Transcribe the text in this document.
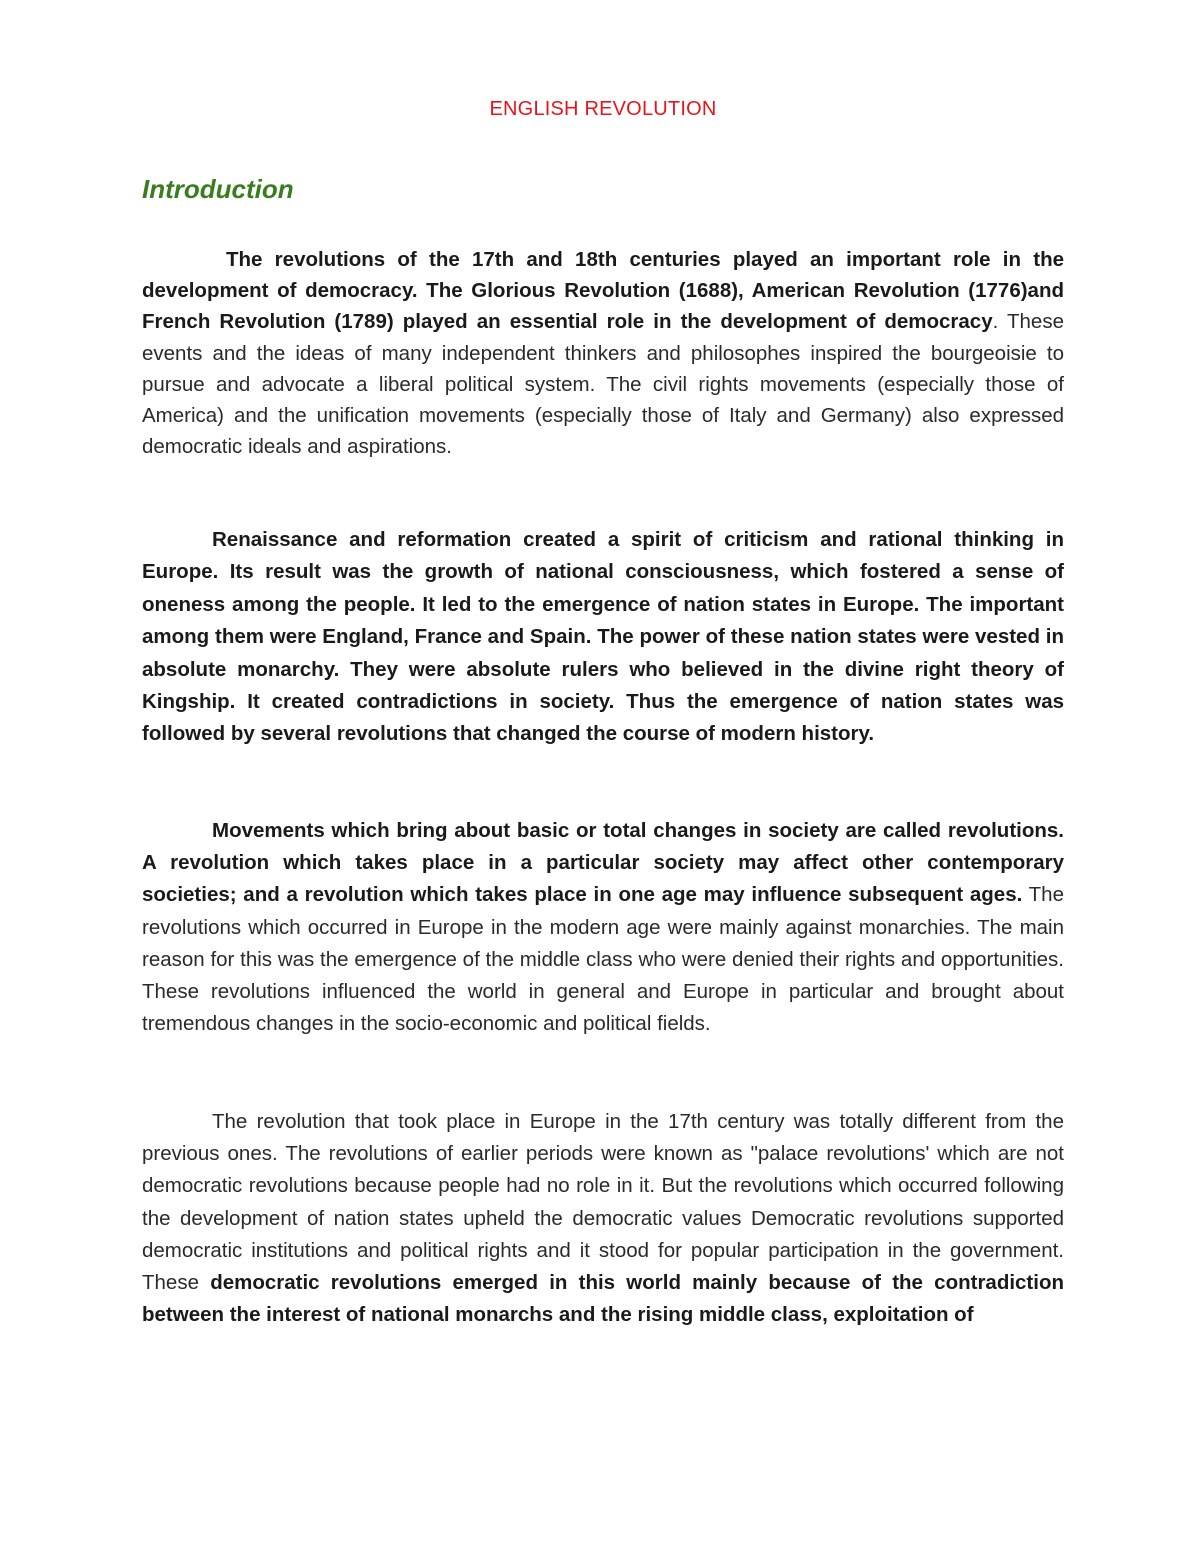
ENGLISH REVOLUTION
Introduction

The revolutions of the 17th and 18th centuries played an important role in the development of democracy. The Glorious Revolution (1688), American Revolution (1776)and French Revolution (1789) played an essential role in the development of democracy. These events and the ideas of many independent thinkers and philosophes inspired the bourgeoisie to pursue and advocate a liberal political system. The civil rights movements (especially those of America) and the unification movements (especially those of Italy and Germany) also expressed democratic ideals and aspirations.

Renaissance and reformation created a spirit of criticism and rational thinking in Europe. Its result was the growth of national consciousness, which fostered a sense of oneness among the people. It led to the emergence of nation states in Europe. The important among them were England, France and Spain. The power of these nation states were vested in absolute monarchy. They were absolute rulers who believed in the divine right theory of Kingship. It created contradictions in society. Thus the emergence of nation states was followed by several revolutions that changed the course of modern history.

Movements which bring about basic or total changes in society are called revolutions. A revolution which takes place in a particular society may affect other contemporary societies; and a revolution which takes place in one age may influence subsequent ages. The revolutions which occurred in Europe in the modern age were mainly against monarchies. The main reason for this was the emergence of the middle class who were denied their rights and opportunities. These revolutions influenced the world in general and Europe in particular and brought about tremendous changes in the socio-economic and political fields.

The revolution that took place in Europe in the 17th century was totally different from the previous ones. The revolutions of earlier periods were known as "palace revolutions' which are not democratic revolutions because people had no role in it. But the revolutions which occurred following the development of nation states upheld the democratic values Democratic revolutions supported democratic institutions and political rights and it stood for popular participation in the government. These democratic revolutions emerged in this world mainly because of the contradiction between the interest of national monarchs and the rising middle class, exploitation of
